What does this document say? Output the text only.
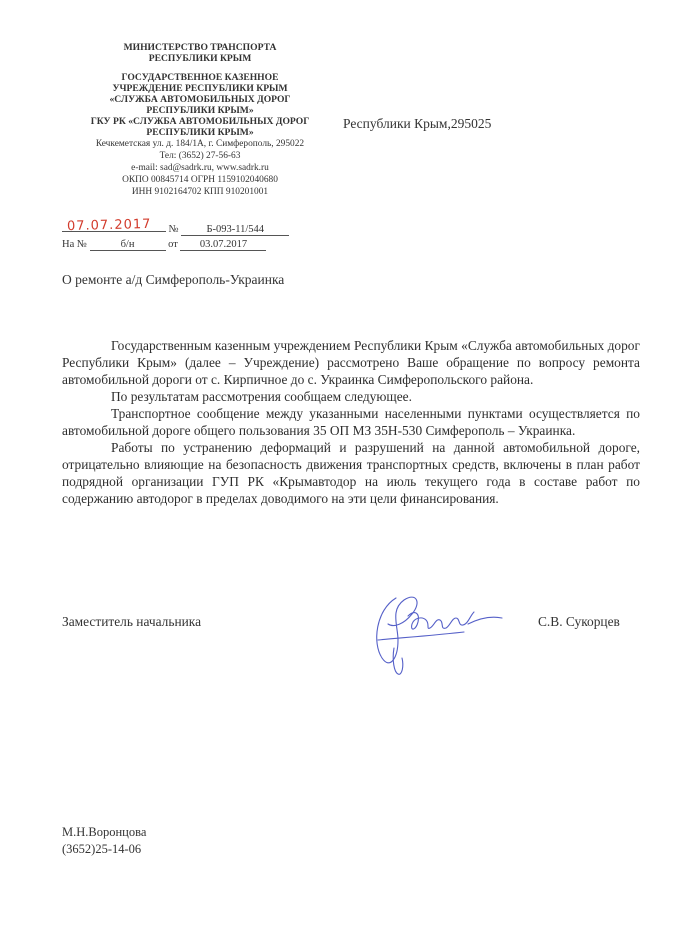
МИНИСТЕРСТВО ТРАНСПОРТА
РЕСПУБЛИКИ КРЫМ
ГОСУДАРСТВЕННОЕ КАЗЕННОЕ
УЧРЕЖДЕНИЕ РЕСПУБЛИКИ КРЫМ
«СЛУЖБА АВТОМОБИЛЬНЫХ ДОРОГ
РЕСПУБЛИКИ КРЫМ»
ГКУ РК «СЛУЖБА АВТОМОБИЛЬНЫХ ДОРОГ
РЕСПУБЛИКИ КРЫМ»
Кечкеметская ул. д. 184/1А, г. Симферополь, 295022
Тел: (3652) 27-56-63
e-mail: sad@sadrk.ru, www.sadrk.ru
ОКПО 00845714 ОГРН 1159102040680
ИНН 9102164702 КПП 910201001
07.07.2017	№	Б-093-11/544
На №	б/н	от 03.07.2017
Республики Крым,295025
О ремонте а/д Симферополь-Украинка

Государственным казенным учреждением Республики Крым «Служба автомобильных дорог Республики Крым» (далее – Учреждение) рассмотрено Ваше обращение по вопросу ремонта автомобильной дороги от с. Кирпичное до с. Украинка Симферопольского района.

По результатам рассмотрения сообщаем следующее.

Транспортное сообщение между указанными населенными пунктами осуществляется по автомобильной дороге общего пользования 35 ОП МЗ 35Н-530 Симферополь – Украинка.

Работы по устранению деформаций и разрушений на данной автомобильной дороге, отрицательно влияющие на безопасность движения транспортных средств, включены в план работ подрядной организации ГУП РК «Крымавтодор на июль текущего года в составе работ по содержанию автодорог в пределах доводимого на эти цели финансирования.

Заместитель начальника	С.В. Сукорцев
М.Н.Воронцова
(3652)25-14-06
